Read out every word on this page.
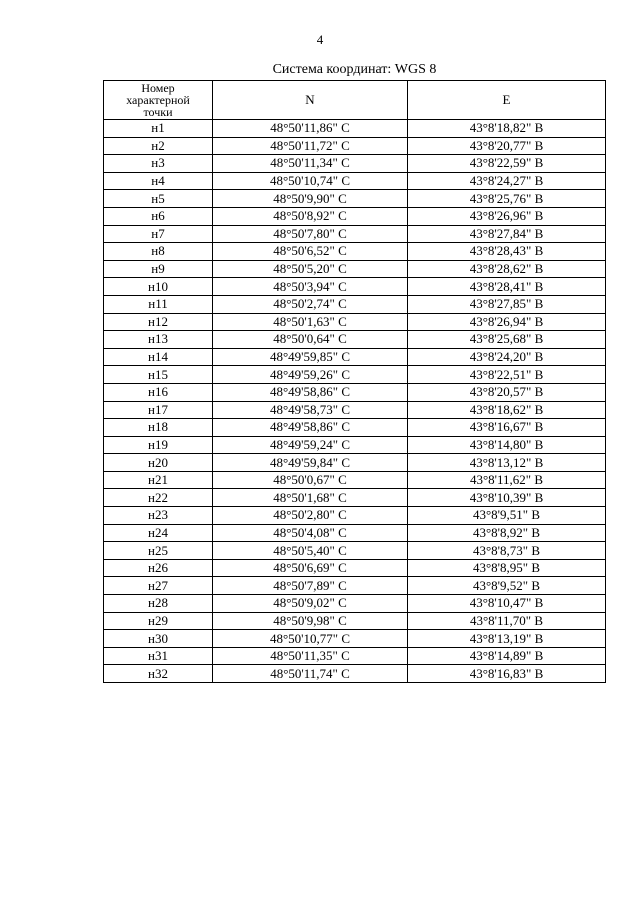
4
Система координат: WGS 8
Номер
характерной
точки	N	E
н1	48°50'11,86" С	43°8'18,82" В
н2	48°50'11,72" С	43°8'20,77" В
н3	48°50'11,34" С	43°8'22,59" В
н4	48°50'10,74" С	43°8'24,27" В
н5	48°50'9,90" С	43°8'25,76" В
н6	48°50'8,92" С	43°8'26,96" В
н7	48°50'7,80" С	43°8'27,84" В
н8	48°50'6,52" С	43°8'28,43" В
н9	48°50'5,20" С	43°8'28,62" В
н10	48°50'3,94" С	43°8'28,41" В
н11	48°50'2,74" С	43°8'27,85" В
н12	48°50'1,63" С	43°8'26,94" В
н13	48°50'0,64" С	43°8'25,68" В
н14	48°49'59,85" С	43°8'24,20" В
н15	48°49'59,26" С	43°8'22,51" В
н16	48°49'58,86" С	43°8'20,57" В
н17	48°49'58,73" С	43°8'18,62" В
н18	48°49'58,86" С	43°8'16,67" В
н19	48°49'59,24" С	43°8'14,80" В
н20	48°49'59,84" С	43°8'13,12" В
н21	48°50'0,67" С	43°8'11,62" В
н22	48°50'1,68" С	43°8'10,39" В
н23	48°50'2,80" С	43°8'9,51" В
н24	48°50'4,08" С	43°8'8,92" В
н25	48°50'5,40" С	43°8'8,73" В
н26	48°50'6,69" С	43°8'8,95" В
н27	48°50'7,89" С	43°8'9,52" В
н28	48°50'9,02" С	43°8'10,47" В
н29	48°50'9,98" С	43°8'11,70" В
н30	48°50'10,77" С	43°8'13,19" В
н31	48°50'11,35" С	43°8'14,89" В
н32	48°50'11,74" С	43°8'16,83" В
